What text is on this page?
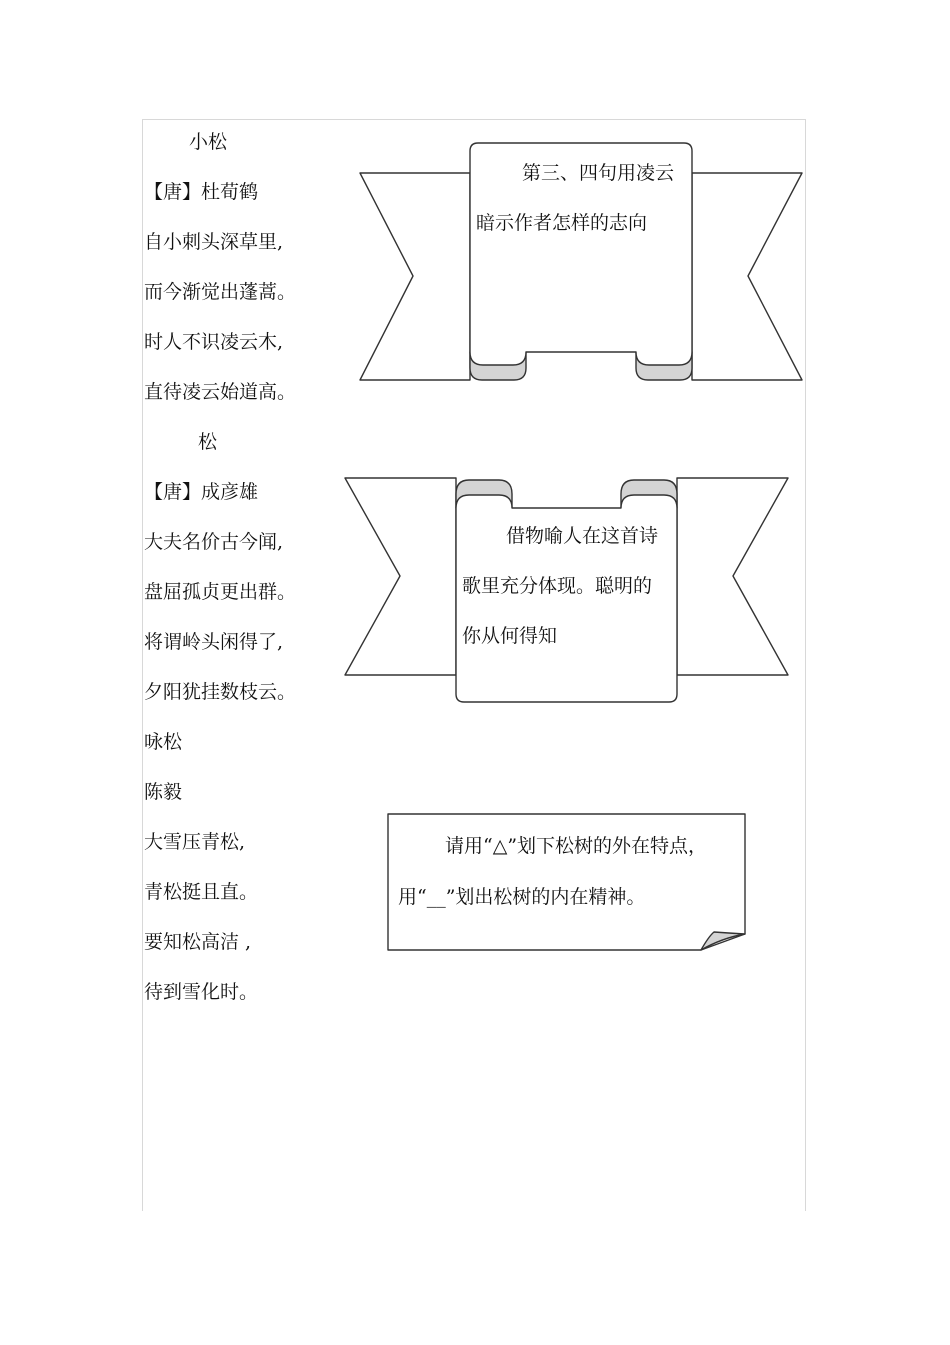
小松
【唐】杜荀鹤
自小刺头深草里,
而今渐觉出蓬蒿。
时人不识凌云木,
直待凌云始道高。
松
【唐】成彦雄
大夫名价古今闻,
盘屈孤贞更出群。
将谓岭头闲得了,
夕阳犹挂数枝云。
咏松
陈毅
大雪压青松,
青松挺且直。
要知松高洁 ,
待到雪化时。
第三、四句用凌云暗示作者怎样的志向
借物喻人在这首诗歌里充分体现。聪明的你从何得知
请用“△”划下松树的外在特点，用“__”划出松树的内在精神。
